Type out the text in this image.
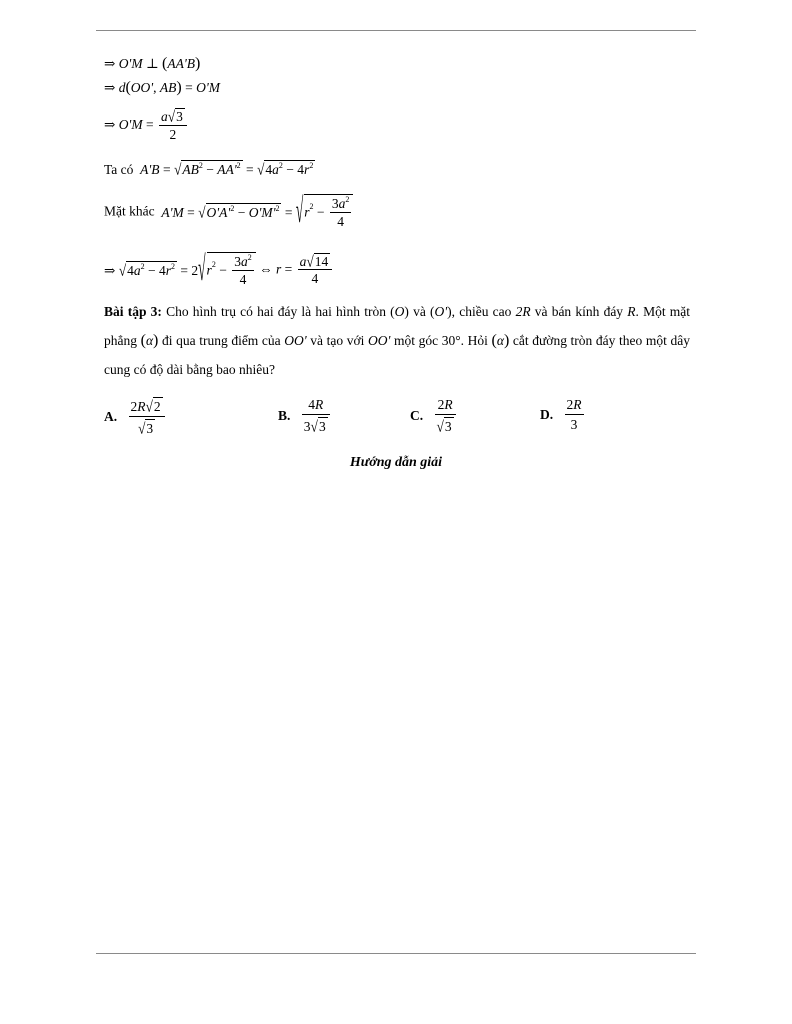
⇒ O'M ⊥ (AA'B)
⇒ d(OO', AB) = O'M
⇒ $O'M = \frac{a√3}{2}$
Ta có $A'B = √AB^2 - AA'^2 = √4a^2 - 4r^2$
Mặt khác $A'M = √O'A'^2 - O'M'^2 = √r^2 - \frac{3a^2}{4}$
⇒ $√4a^2 - 4r^2 = 2√r^2 - \frac{3a^2}{4}$ ⇔ $r = \frac{a√14}{4}$
Bài tập 3: Cho hình trụ có hai đáy là hai hình tròn (O) và (O'), chiều cao 2R và bán kính đáy R. Một mặt phẳng (α) đi qua trung điểm của OO' và tạo với OO' một góc 30°. Hỏi (α) cắt đường tròn đáy theo một dây cung có độ dài bằng bao nhiêu?
A. $\frac{2R√2}{√3}$	B. $\frac{4R}{3√3}$	C. $\frac{2R}{√3}$	D. $\frac{2R}{3}$
Hướng dẫn giải
